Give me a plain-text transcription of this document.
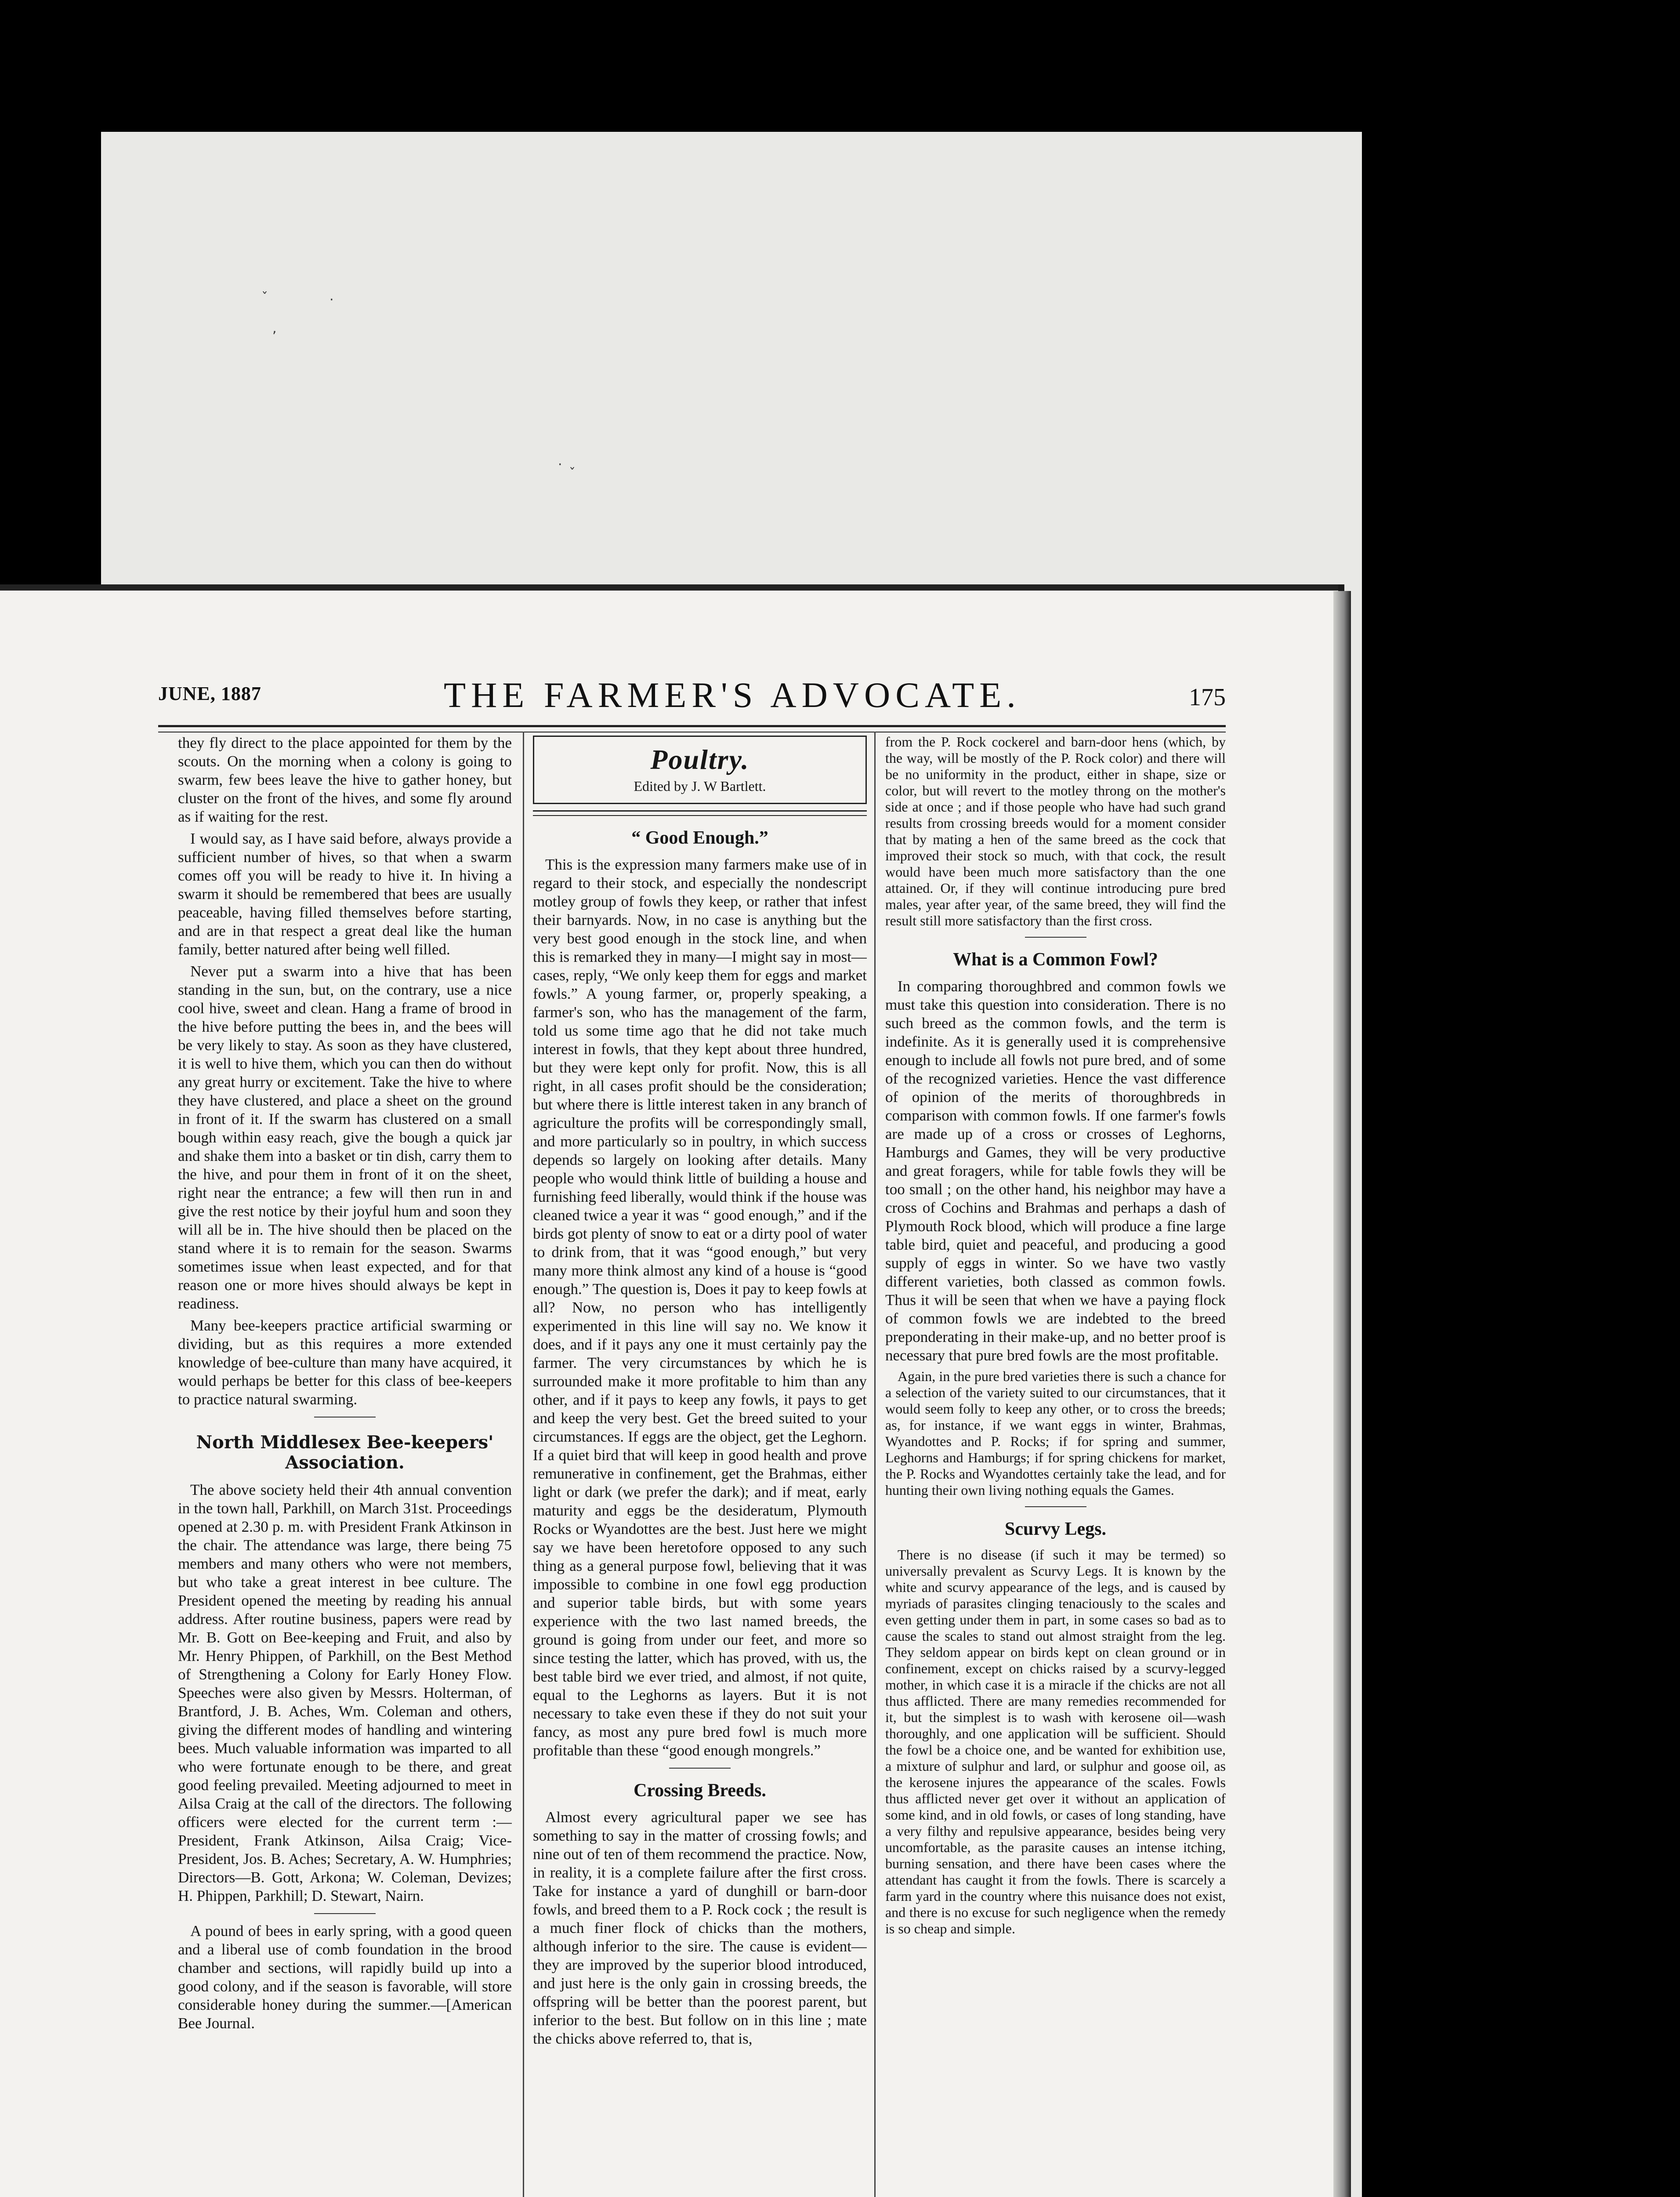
ˇ	·
,
·
ˇ
JUNE, 1887	THE FARMER'S ADVOCATE.	175

they fly direct to the place appointed for them by the scouts. On the morning when a colony is going to swarm, few bees leave the hive to gather honey, but cluster on the front of the hives, and some fly around as if waiting for the rest.

I would say, as I have said before, always provide a sufficient number of hives, so that when a swarm comes off you will be ready to hive it. In hiving a swarm it should be remembered that bees are usually peaceable, having filled themselves before starting, and are in that respect a great deal like the human family, better natured after being well filled.

Never put a swarm into a hive that has been standing in the sun, but, on the contrary, use a nice cool hive, sweet and clean. Hang a frame of brood in the hive before putting the bees in, and the bees will be very likely to stay. As soon as they have clustered, it is well to hive them, which you can then do without any great hurry or excitement. Take the hive to where they have clustered, and place a sheet on the ground in front of it. If the swarm has clustered on a small bough within easy reach, give the bough a quick jar and shake them into a basket or tin dish, carry them to the hive, and pour them in front of it on the sheet, right near the entrance; a few will then run in and give the rest notice by their joyful hum and soon they will all be in. The hive should then be placed on the stand where it is to remain for the season. Swarms sometimes issue when least expected, and for that reason one or more hives should always be kept in readiness.

Many bee-keepers practice artificial swarming or dividing, but as this requires a more extended knowledge of bee-culture than many have acquired, it would perhaps be better for this class of bee-keepers to practice natural swarming.

North Middlesex Bee-keepers' Association.

The above society held their 4th annual convention in the town hall, Parkhill, on March 31st. Proceedings opened at 2.30 p. m. with President Frank Atkinson in the chair. The attendance was large, there being 75 members and many others who were not members, but who take a great interest in bee culture. The President opened the meeting by reading his annual address. After routine business, papers were read by Mr. B. Gott on Bee-keeping and Fruit, and also by Mr. Henry Phippen, of Parkhill, on the Best Method of Strengthening a Colony for Early Honey Flow. Speeches were also given by Messrs. Holterman, of Brantford, J. B. Aches, Wm. Coleman and others, giving the different modes of handling and wintering bees. Much valuable information was imparted to all who were fortunate enough to be there, and great good feeling prevailed. Meeting adjourned to meet in Ailsa Craig at the call of the directors. The following officers were elected for the current term :—President, Frank Atkinson, Ailsa Craig; Vice-President, Jos. B. Aches; Secretary, A. W. Humphries; Directors—B. Gott, Arkona; W. Coleman, Devizes; H. Phippen, Parkhill; D. Stewart, Nairn.

A pound of bees in early spring, with a good queen and a liberal use of comb foundation in the brood chamber and sections, will rapidly build up into a good colony, and if the season is favorable, will store considerable honey during the summer.—[American Bee Journal.

Poultry.
Edited by J. W Bartlett.
“ Good Enough.”

This is the expression many farmers make use of in regard to their stock, and especially the nondescript motley group of fowls they keep, or rather that infest their barnyards. Now, in no case is anything but the very best good enough in the stock line, and when this is remarked they in many—I might say in most—cases, reply, “We only keep them for eggs and market fowls.” A young farmer, or, properly speaking, a farmer's son, who has the management of the farm, told us some time ago that he did not take much interest in fowls, that they kept about three hundred, but they were kept only for profit. Now, this is all right, in all cases profit should be the consideration; but where there is little interest taken in any branch of agriculture the profits will be correspondingly small, and more particularly so in poultry, in which success depends so largely on looking after details. Many people who would think little of building a house and furnishing feed liberally, would think if the house was cleaned twice a year it was “ good enough,” and if the birds got plenty of snow to eat or a dirty pool of water to drink from, that it was “good enough,” but very many more think almost any kind of a house is “good enough.” The question is, Does it pay to keep fowls at all? Now, no person who has intelligently experimented in this line will say no. We know it does, and if it pays any one it must certainly pay the farmer. The very circumstances by which he is surrounded make it more profitable to him than any other, and if it pays to keep any fowls, it pays to get and keep the very best. Get the breed suited to your circumstances. If eggs are the object, get the Leghorn. If a quiet bird that will keep in good health and prove remunerative in confinement, get the Brahmas, either light or dark (we prefer the dark); and if meat, early maturity and eggs be the desideratum, Plymouth Rocks or Wyandottes are the best. Just here we might say we have been heretofore opposed to any such thing as a general purpose fowl, believing that it was impossible to combine in one fowl egg production and superior table birds, but with some years experience with the two last named breeds, the ground is going from under our feet, and more so since testing the latter, which has proved, with us, the best table bird we ever tried, and almost, if not quite, equal to the Leghorns as layers. But it is not necessary to take even these if they do not suit your fancy, as most any pure bred fowl is much more profitable than these “good enough mongrels.”

Crossing Breeds.

Almost every agricultural paper we see has something to say in the matter of crossing fowls; and nine out of ten of them recommend the practice. Now, in reality, it is a complete failure after the first cross. Take for instance a yard of dunghill or barn-door fowls, and breed them to a P. Rock cock ; the result is a much finer flock of chicks than the mothers, although inferior to the sire. The cause is evident—they are improved by the superior blood introduced, and just here is the only gain in crossing breeds, the offspring will be better than the poorest parent, but inferior to the best. But follow on in this line ; mate the chicks above referred to, that is,

from the P. Rock cockerel and barn-door hens (which, by the way, will be mostly of the P. Rock color) and there will be no uniformity in the product, either in shape, size or color, but will revert to the motley throng on the mother's side at once ; and if those people who have had such grand results from crossing breeds would for a moment consider that by mating a hen of the same breed as the cock that improved their stock so much, with that cock, the result would have been much more satisfactory than the one attained. Or, if they will continue introducing pure bred males, year after year, of the same breed, they will find the result still more satisfactory than the first cross.

What is a Common Fowl?

In comparing thoroughbred and common fowls we must take this question into consideration. There is no such breed as the common fowls, and the term is indefinite. As it is generally used it is comprehensive enough to include all fowls not pure bred, and of some of the recognized varieties. Hence the vast difference of opinion of the merits of thoroughbreds in comparison with common fowls. If one farmer's fowls are made up of a cross or crosses of Leghorns, Hamburgs and Games, they will be very productive and great foragers, while for table fowls they will be too small ; on the other hand, his neighbor may have a cross of Cochins and Brahmas and perhaps a dash of Plymouth Rock blood, which will produce a fine large table bird, quiet and peaceful, and producing a good supply of eggs in winter. So we have two vastly different varieties, both classed as common fowls. Thus it will be seen that when we have a paying flock of common fowls we are indebted to the breed preponderating in their make-up, and no better proof is necessary that pure bred fowls are the most profitable.

Again, in the pure bred varieties there is such a chance for a selection of the variety suited to our circumstances, that it would seem folly to keep any other, or to cross the breeds; as, for instance, if we want eggs in winter, Brahmas, Wyandottes and P. Rocks; if for spring and summer, Leghorns and Hamburgs; if for spring chickens for market, the P. Rocks and Wyandottes certainly take the lead, and for hunting their own living nothing equals the Games.

Scurvy Legs.

There is no disease (if such it may be termed) so universally prevalent as Scurvy Legs. It is known by the white and scurvy appearance of the legs, and is caused by myriads of parasites clinging tenaciously to the scales and even getting under them in part, in some cases so bad as to cause the scales to stand out almost straight from the leg. They seldom appear on birds kept on clean ground or in confinement, except on chicks raised by a scurvy-legged mother, in which case it is a miracle if the chicks are not all thus afflicted. There are many remedies recommended for it, but the simplest is to wash with kerosene oil—wash thoroughly, and one application will be sufficient. Should the fowl be a choice one, and be wanted for exhibition use, a mixture of sulphur and lard, or sulphur and goose oil, as the kerosene injures the appearance of the scales. Fowls thus afflicted never get over it without an application of some kind, and in old fowls, or cases of long standing, have a very filthy and repulsive appearance, besides being very uncomfortable, as the parasite causes an intense itching, burning sensation, and there have been cases where the attendant has caught it from the fowls. There is scarcely a farm yard in the country where this nuisance does not exist, and there is no excuse for such negligence when the remedy is so cheap and simple.
